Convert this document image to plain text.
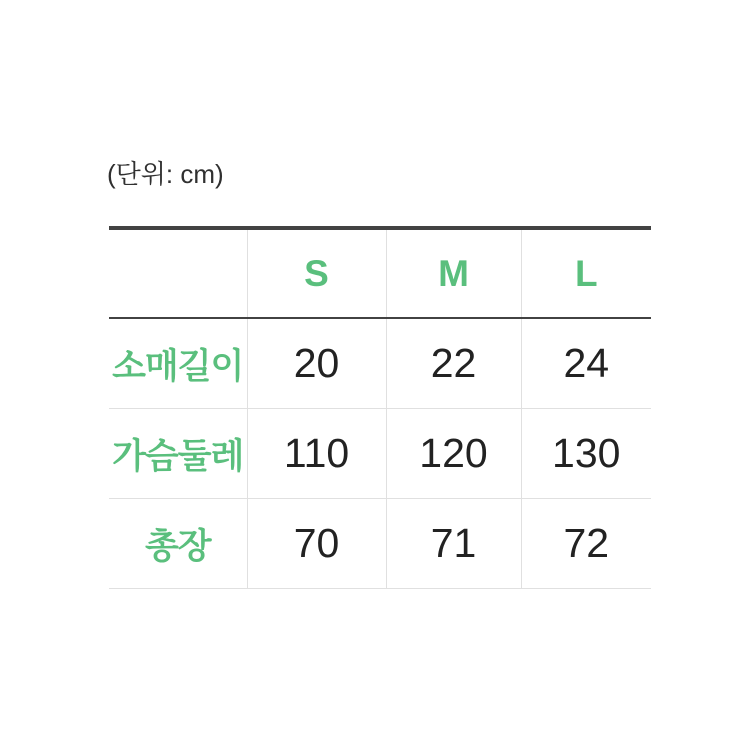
(단위: cm)
	S	M	L
소매길이	20	22	24
가슴둘레	110	120	130
총장	70	71	72
